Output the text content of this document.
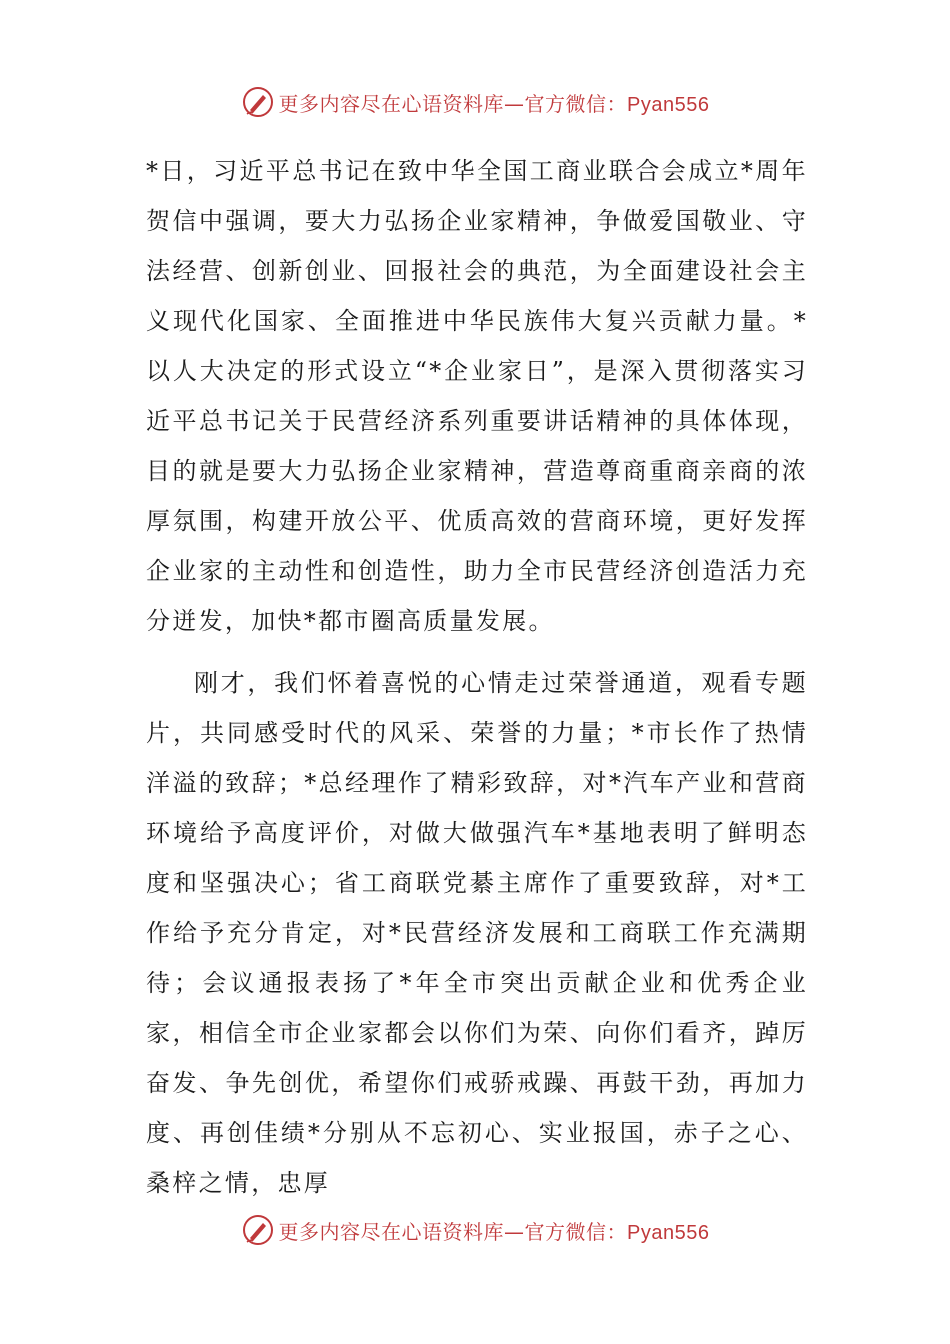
更多内容尽在心语资料库—官方微信：Pyan556

*日，习近平总书记在致中华全国工商业联合会成立*周年贺信中强调，要大力弘扬企业家精神，争做爱国敬业、守法经营、创新创业、回报社会的典范，为全面建设社会主义现代化国家、全面推进中华民族伟大复兴贡献力量。*以人大决定的形式设立“*企业家日”，是深入贯彻落实习近平总书记关于民营经济系列重要讲话精神的具体体现，目的就是要大力弘扬企业家精神，营造尊商重商亲商的浓厚氛围，构建开放公平、优质高效的营商环境，更好发挥企业家的主动性和创造性，助力全市民营经济创造活力充分迸发，加快*都市圈高质量发展。

刚才，我们怀着喜悦的心情走过荣誉通道，观看专题片，共同感受时代的风采、荣誉的力量；*市长作了热情洋溢的致辞；*总经理作了精彩致辞，对*汽车产业和营商环境给予高度评价，对做大做强汽车*基地表明了鲜明态度和坚强决心；省工商联党綦主席作了重要致辞，对*工作给予充分肯定，对*民营经济发展和工商联工作充满期待；会议通报表扬了*年全市突出贡献企业和优秀企业家，相信全市企业家都会以你们为荣、向你们看齐，踔厉奋发、争先创优，希望你们戒骄戒躁、再鼓干劲，再加力度、再创佳绩*分别从不忘初心、实业报国，赤子之心、桑梓之情，忠厚

更多内容尽在心语资料库—官方微信：Pyan556
